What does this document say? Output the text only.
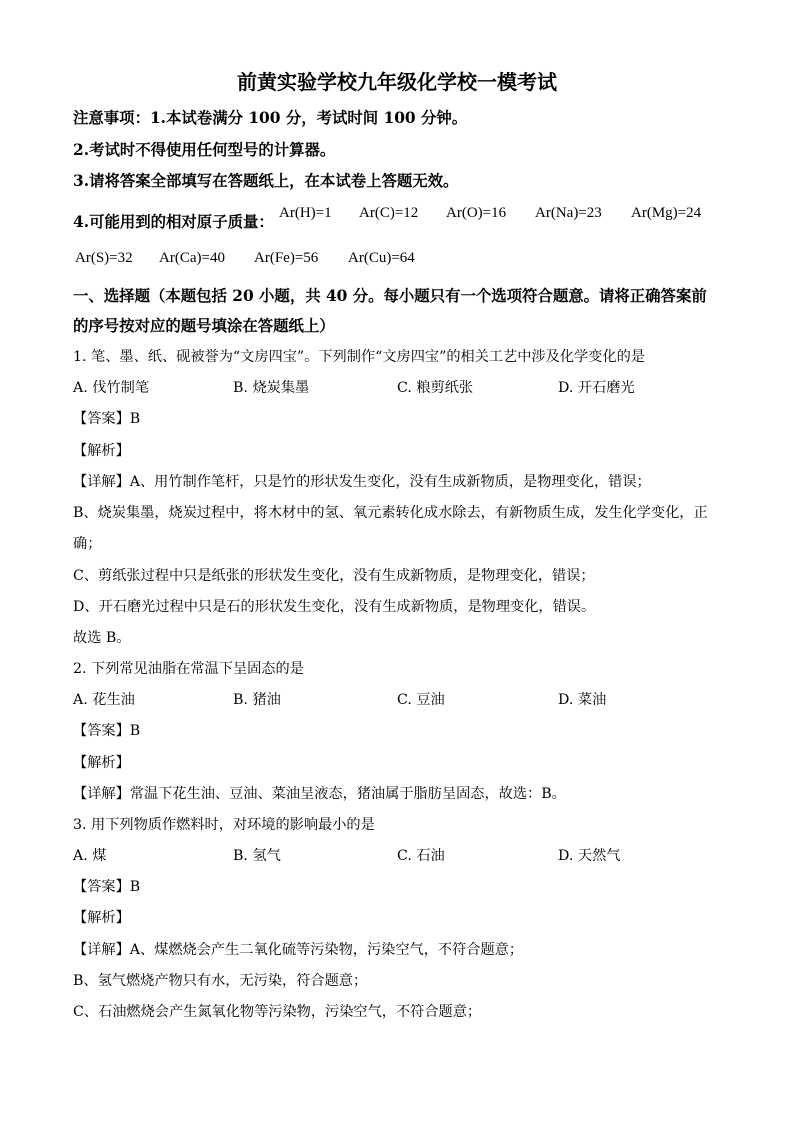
前黄实验学校九年级化学校一模考试
注意事项：1.本试卷满分 100 分，考试时间 100 分钟。
2.考试时不得使用任何型号的计算器。
3.请将答案全部填写在答题纸上，在本试卷上答题无效。
4.可能用到的相对原子质量： Ar(H)=1 Ar(C)=12 Ar(O)=16 Ar(Na)=23 Ar(Mg)=24
Ar(S)=32 Ar(Ca)=40 Ar(Fe)=56 Ar(Cu)=64
一、选择题（本题包括 20 小题，共 40 分。每小题只有一个选项符合题意。请将正确答案前
的序号按对应的题号填涂在答题纸上）
1. 笔、墨、纸、砚被誉为“文房四宝”。下列制作“文房四宝”的相关工艺中涉及化学变化的是
A. 伐竹制笔	B. 烧炭集墨	C. 粮剪纸张	D. 开石磨光
【答案】B
【解析】
【详解】A、用竹制作笔杆，只是竹的形状发生变化，没有生成新物质，是物理变化，错误；
B、烧炭集墨，烧炭过程中，将木材中的氢、氧元素转化成水除去，有新物质生成，发生化学变化，正
确；
C、剪纸张过程中只是纸张的形状发生变化，没有生成新物质，是物理变化，错误；
D、开石磨光过程中只是石的形状发生变化，没有生成新物质，是物理变化，错误。
故选 B。
2. 下列常见油脂在常温下呈固态的是
A. 花生油	B. 猪油	C. 豆油	D. 菜油
【答案】B
【解析】
【详解】常温下花生油、豆油、菜油呈液态，猪油属于脂肪呈固态，故选：B。
3. 用下列物质作燃料时，对环境的影响最小的是
A. 煤	B. 氢气	C. 石油	D. 天然气
【答案】B
【解析】
【详解】A、煤燃烧会产生二氧化硫等污染物，污染空气，不符合题意；
B、氢气燃烧产物只有水，无污染，符合题意；
C、石油燃烧会产生氮氧化物等污染物，污染空气，不符合题意；
